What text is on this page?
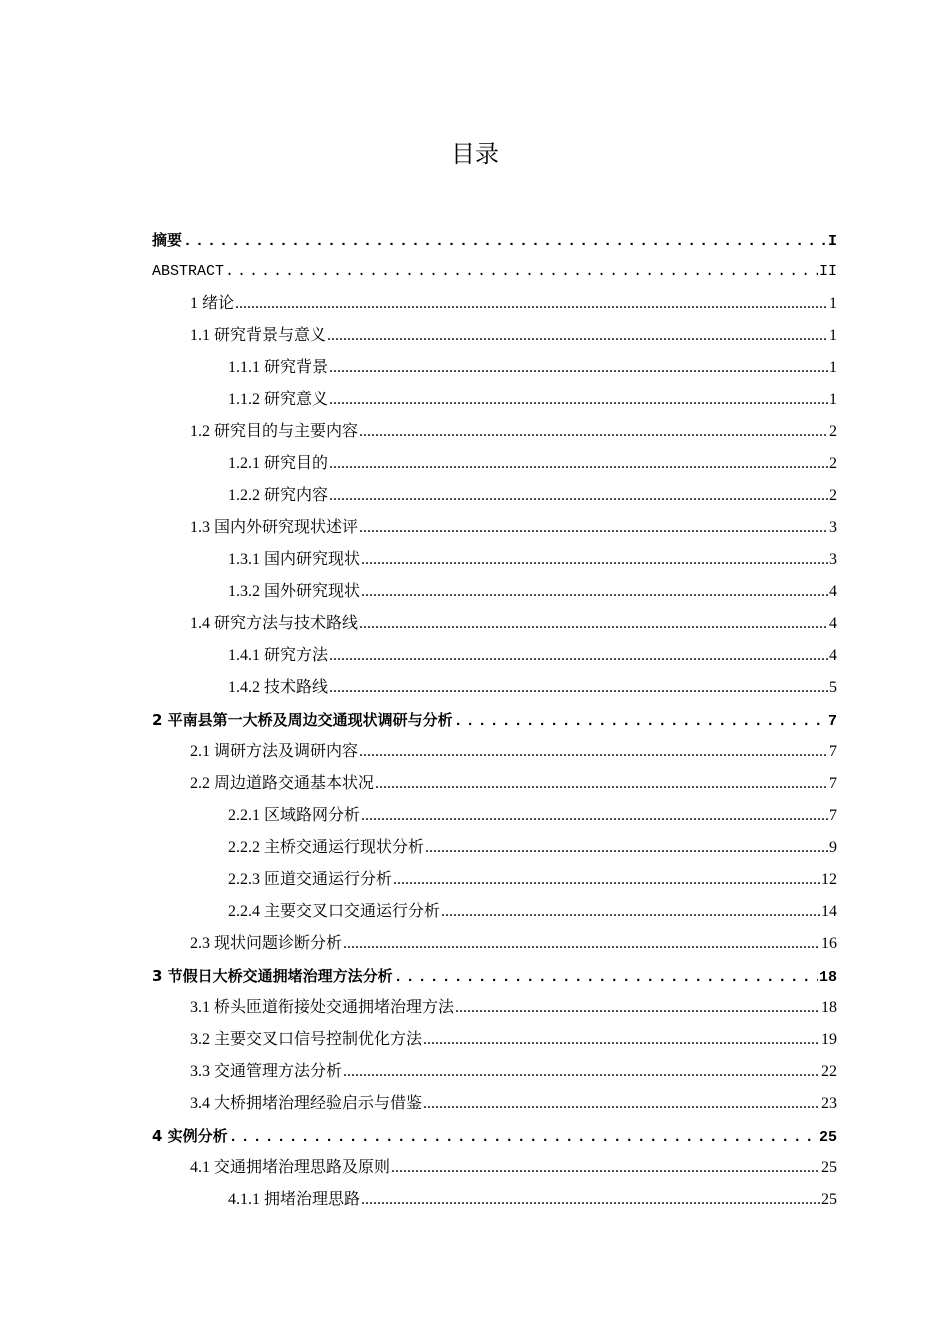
目录
摘要 .....	I
ABSTRACT .....	II
1 绪论 .....	1
1.1 研究背景与意义 .....	1
1.1.1 研究背景 .....	1
1.1.2 研究意义 .....	1
1.2 研究目的与主要内容 .....	2
1.2.1 研究目的 .....	2
1.2.2 研究内容 .....	2
1.3 国内外研究现状述评 .....	3
1.3.1 国内研究现状 .....	3
1.3.2 国外研究现状 .....	4
1.4 研究方法与技术路线 .....	4
1.4.1 研究方法 .....	4
1.4.2 技术路线 .....	5
2 平南县第一大桥及周边交通现状调研与分析 .....	7
2.1 调研方法及调研内容 .....	7
2.2 周边道路交通基本状况 .....	7
2.2.1 区域路网分析 .....	7
2.2.2 主桥交通运行现状分析 .....	9
2.2.3 匝道交通运行分析 .....	12
2.2.4 主要交叉口交通运行分析 .....	14
2.3 现状问题诊断分析 .....	16
3 节假日大桥交通拥堵治理方法分析 .....	18
3.1 桥头匝道衔接处交通拥堵治理方法 .....	18
3.2 主要交叉口信号控制优化方法 .....	19
3.3 交通管理方法分析 .....	22
3.4 大桥拥堵治理经验启示与借鉴 .....	23
4 实例分析 .....	25
4.1 交通拥堵治理思路及原则 .....	25
4.1.1 拥堵治理思路 .....	25
